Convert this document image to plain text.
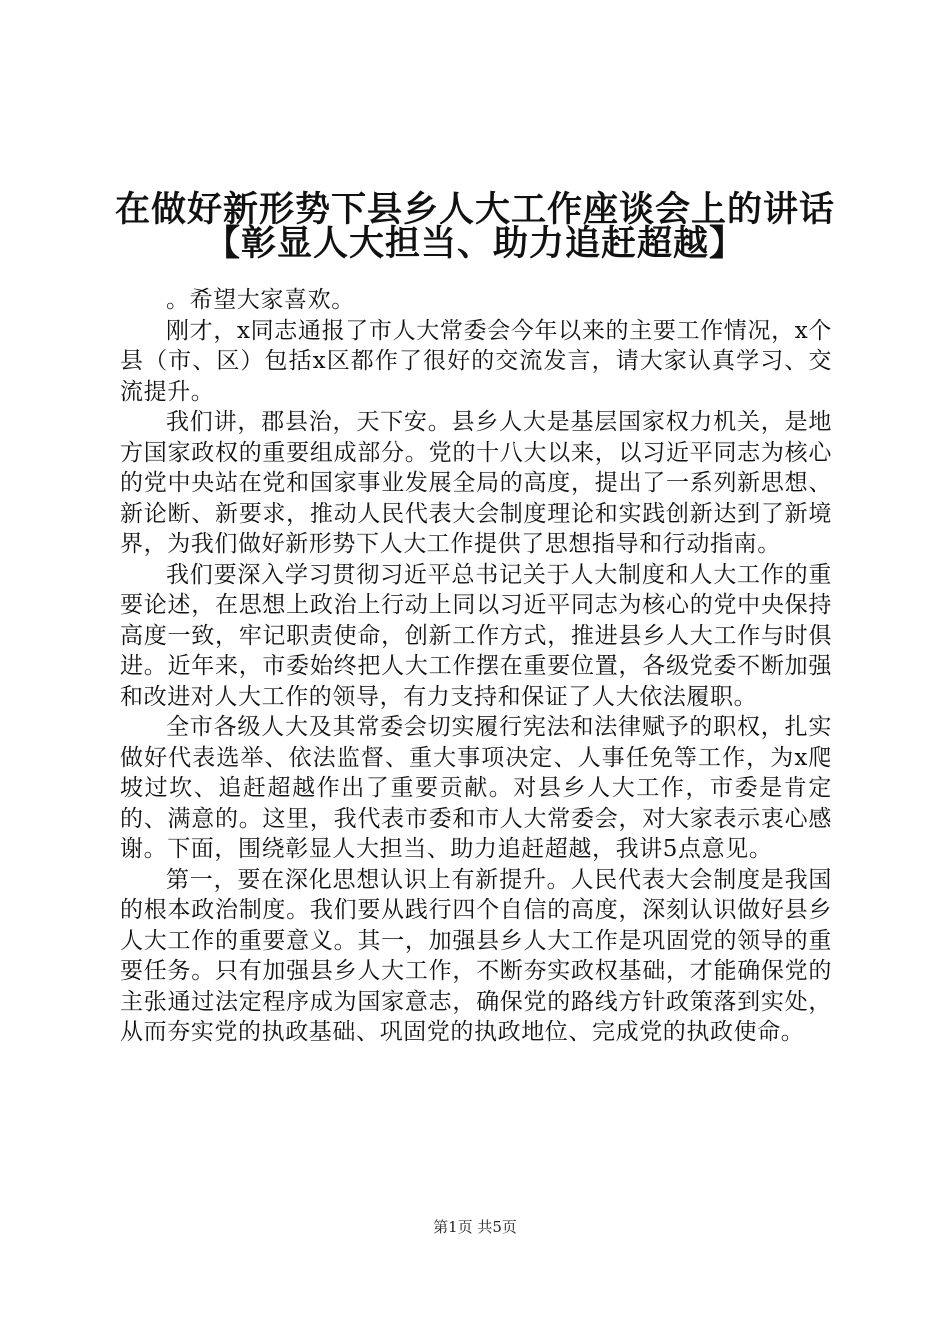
在做好新形势下县乡人大工作座谈会上的讲话
【彰显人大担当、助力追赶超越】

。希望大家喜欢。

刚才，x同志通报了市人大常委会今年以来的主要工作情况，x个县（市、区）包括x区都作了很好的交流发言，请大家认真学习、交流提升。

我们讲，郡县治，天下安。县乡人大是基层国家权力机关，是地方国家政权的重要组成部分。党的十八大以来，以习近平同志为核心的党中央站在党和国家事业发展全局的高度，提出了一系列新思想、新论断、新要求，推动人民代表大会制度理论和实践创新达到了新境界，为我们做好新形势下人大工作提供了思想指导和行动指南。

我们要深入学习贯彻习近平总书记关于人大制度和人大工作的重要论述，在思想上政治上行动上同以习近平同志为核心的党中央保持高度一致，牢记职责使命，创新工作方式，推进县乡人大工作与时俱进。近年来，市委始终把人大工作摆在重要位置，各级党委不断加强和改进对人大工作的领导，有力支持和保证了人大依法履职。

全市各级人大及其常委会切实履行宪法和法律赋予的职权，扎实做好代表选举、依法监督、重大事项决定、人事任免等工作，为x爬坡过坎、追赶超越作出了重要贡献。对县乡人大工作，市委是肯定的、满意的。这里，我代表市委和市人大常委会，对大家表示衷心感谢。下面，围绕彰显人大担当、助力追赶超越，我讲5点意见。

第一，要在深化思想认识上有新提升。人民代表大会制度是我国的根本政治制度。我们要从践行四个自信的高度，深刻认识做好县乡人大工作的重要意义。其一，加强县乡人大工作是巩固党的领导的重要任务。只有加强县乡人大工作，不断夯实政权基础，才能确保党的主张通过法定程序成为国家意志，确保党的路线方针政策落到实处，从而夯实党的执政基础、巩固党的执政地位、完成党的执政使命。

第1页 共5页
